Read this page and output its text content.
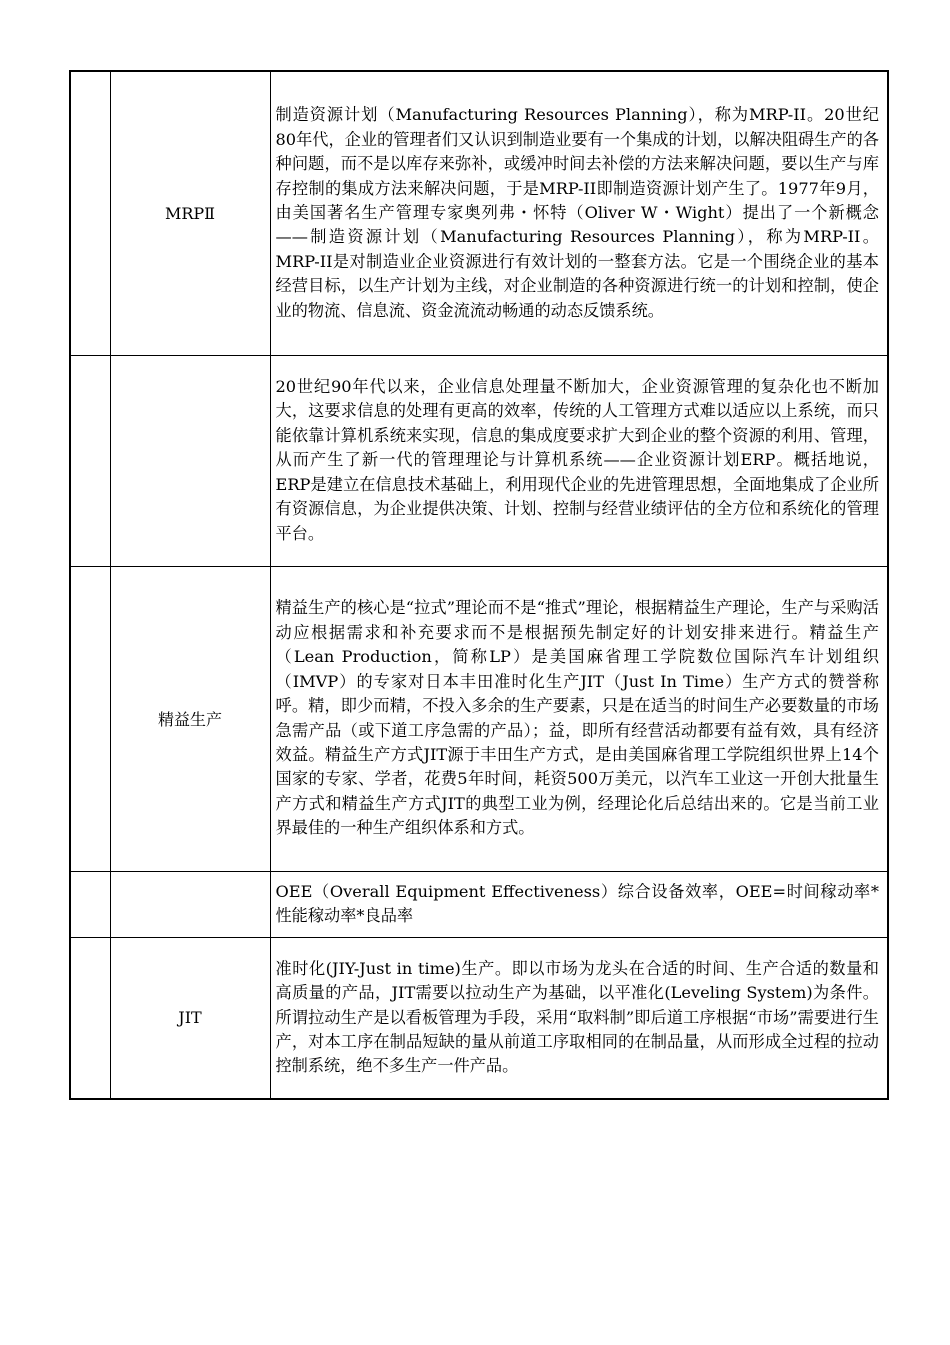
	MRPⅡ	制造资源计划（Manufacturing Resources Planning），称为MRP-II。20世纪80年代，企业的管理者们又认识到制造业要有一个集成的计划，以解决阻碍生产的各种问题，而不是以库存来弥补，或缓冲时间去补偿的方法来解决问题，要以生产与库存控制的集成方法来解决问题，于是MRP-II即制造资源计划产生了。1977年9月，由美国著名生产管理专家奥列弗・怀特（Oliver W・Wight）提出了一个新概念——制造资源计划（Manufacturing Resources Planning），称为MRP-II。MRP-II是对制造业企业资源进行有效计划的一整套方法。它是一个围绕企业的基本经营目标，以生产计划为主线，对企业制造的各种资源进行统一的计划和控制，使企业的物流、信息流、资金流流动畅通的动态反馈系统。

		20世纪90年代以来，企业信息处理量不断加大，企业资源管理的复杂化也不断加大，这要求信息的处理有更高的效率，传统的人工管理方式难以适应以上系统，而只能依靠计算机系统来实现，信息的集成度要求扩大到企业的整个资源的利用、管理，从而产生了新一代的管理理论与计算机系统——企业资源计划ERP。概括地说，ERP是建立在信息技术基础上，利用现代企业的先进管理思想，全面地集成了企业所有资源信息，为企业提供决策、计划、控制与经营业绩评估的全方位和系统化的管理平台。

	精益生产	精益生产的核心是“拉式”理论而不是“推式”理论，根据精益生产理论，生产与采购活动应根据需求和补充要求而不是根据预先制定好的计划安排来进行。精益生产（Lean Production，简称LP）是美国麻省理工学院数位国际汽车计划组织（IMVP）的专家对日本丰田准时化生产JIT（Just In Time）生产方式的赞誉称呼。精，即少而精，不投入多余的生产要素，只是在适当的时间生产必要数量的市场急需产品（或下道工序急需的产品）；益，即所有经营活动都要有益有效，具有经济效益。精益生产方式JIT源于丰田生产方式，是由美国麻省理工学院组织世界上14个国家的专家、学者，花费5年时间，耗资500万美元，以汽车工业这一开创大批量生产方式和精益生产方式JIT的典型工业为例，经理论化后总结出来的。它是当前工业界最佳的一种生产组织体系和方式。

		OEE（Overall Equipment Effectiveness）综合设备效率，OEE=时间稼动率*性能稼动率*良品率

	JIT	准时化(JIY-Just in time)生产。即以市场为龙头在合适的时间、生产合适的数量和高质量的产品，JIT需要以拉动生产为基础，以平准化(Leveling System)为条件。所谓拉动生产是以看板管理为手段，采用“取料制”即后道工序根据“市场”需要进行生产，对本工序在制品短缺的量从前道工序取相同的在制品量，从而形成全过程的拉动控制系统，绝不多生产一件产品。
